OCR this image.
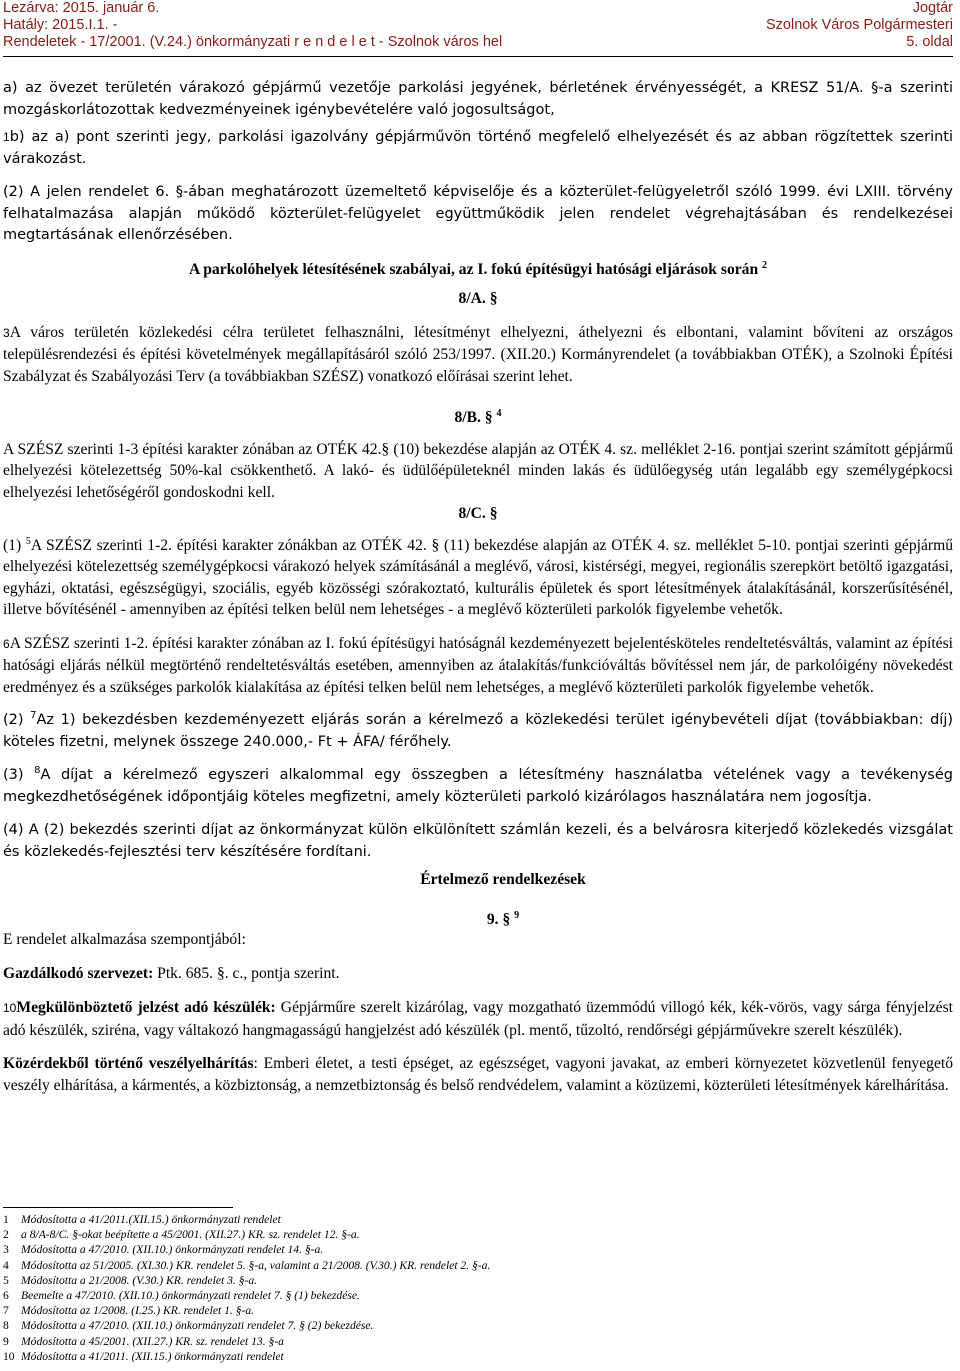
Lezárva: 2015. január 6.
Hatály: 2015.I.1. -
Rendeletek - 17/2001. (V.24.) önkormányzati r e n d e l e t - Szolnok város hel
Jogtár
Szolnok Város Polgármesteri
5. oldal

a) az övezet területén várakozó gépjármű vezetője parkolási jegyének, bérletének érvényességét, a KRESZ 51/A. §-a szerinti mozgáskorlátozottak kedvezményeinek igénybevételére való jogosultságot,

1b) az a) pont szerinti jegy, parkolási igazolvány gépjárművön történő megfelelő elhelyezését és az abban rögzítettek szerinti várakozást.

(2) A jelen rendelet 6. §-ában meghatározott üzemeltető képviselője és a közterület-felügyeletről szóló 1999. évi LXIII. törvény felhatalmazása alapján működő közterület-felügyelet együttműködik jelen rendelet végrehajtásában és rendelkezései megtartásának ellenőrzésében.

A parkolóhelyek létesítésének szabályai, az I. fokú építésügyi hatósági eljárások során $^2$

8/A. §

3A város területén közlekedési célra területet felhasználni, létesítményt elhelyezni, áthelyezni és elbontani, valamint bővíteni az országos településrendezési és építési követelmények megállapításáról szóló 253/1997. (XII.20.) Kormányrendelet (a továbbiakban OTÉK), a Szolnoki Építési Szabályzat és Szabályozási Terv (a továbbiakban SZÉSZ) vonatkozó előírásai szerint lehet.

8/B. § $^4$

A SZÉSZ szerinti 1-3 építési karakter zónában az OTÉK 42.§ (10) bekezdése alapján az OTÉK 4. sz. melléklet 2-16. pontjai szerint számított gépjármű elhelyezési kötelezettség 50%-kal csökkenthető. A lakó- és üdülőépületeknél minden lakás és üdülőegység után legalább egy személygépkocsi elhelyezési lehetőségéről gondoskodni kell.

8/C. §

(1) $^5$A SZÉSZ szerinti 1-2. építési karakter zónákban az OTÉK 42. § (11) bekezdése alapján az OTÉK 4. sz. melléklet 5-10. pontjai szerinti gépjármű elhelyezési kötelezettség személygépkocsi várakozó helyek számításánál a meglévő, városi, kistérségi, megyei, regionális szerepkört betöltő igazgatási, egyházi, oktatási, egészségügyi, szociális, egyéb közösségi szórakoztató, kulturális épületek és sport létesítmények átalakításánál, korszerűsítésénél, illetve bővítésénél - amennyiben az építési telken belül nem lehetséges - a meglévő közterületi parkolók figyelembe vehetők.

6A SZÉSZ szerinti 1-2. építési karakter zónában az I. fokú építésügyi hatóságnál kezdeményezett bejelentésköteles rendeltetésváltás, valamint az építési hatósági eljárás nélkül megtörténő rendeltetésváltás esetében, amennyiben az átalakítás/funkcióváltás bővítéssel nem jár, de parkolóigény növekedést eredményez és a szükséges parkolók kialakítása az építési telken belül nem lehetséges, a meglévő közterületi parkolók figyelembe vehetők.

(2) $^7$Az 1) bekezdésben kezdeményezett eljárás során a kérelmező a közlekedési terület igénybevételi díjat (továbbiakban: díj) köteles fizetni, melynek összege 240.000,- Ft + ÁFA/ férőhely.

(3) $^8$A díjat a kérelmező egyszeri alkalommal egy összegben a létesítmény használatba vételének vagy a tevékenység megkezdhetőségének időpontjáig köteles megfizetni, amely közterületi parkoló kizárólagos használatára nem jogosítja.

(4) A (2) bekezdés szerinti díjat az önkormányzat külön elkülönített számlán kezeli, és a belvárosra kiterjedő közlekedés vizsgálat és közlekedés-fejlesztési terv készítésére fordítani.

Értelmező rendelkezések
9. § $^9$

E rendelet alkalmazása szempontjából:

Gazdálkodó szervezet: Ptk. 685. §. c., pontja szerint.

10Megkülönböztető jelzést adó készülék: Gépjárműre szerelt kizárólag, vagy mozgatható üzemmódú villogó kék, kék-vörös, vagy sárga fényjelzést adó készülék, sziréna, vagy váltakozó hangmagasságú hangjelzést adó készülék (pl. mentő, tűzoltó, rendőrségi gépjárművekre szerelt készülék).

Közérdekből történő veszélyelhárítás: Emberi életet, a testi épséget, az egészséget, vagyoni javakat, az emberi környezetet közvetlenül fenyegető veszély elhárítása, a kármentés, a közbiztonság, a nemzetbiztonság és belső rendvédelem, valamint a közüzemi, közterületi létesítmények kárelhárítása.

1 Módosította a 41/2011.(XII.15.) önkormányzati rendelet
2 a 8/A-8/C. §-okat beépítette a 45/2001. (XII.27.) KR. sz. rendelet 12. §-a.
3 Módosította a 47/2010. (XII.10.) önkormányzati rendelet 14. §-a.
4 Módosította az 51/2005. (XI.30.) KR. rendelet 5. §-a, valamint a 21/2008. (V.30.) KR. rendelet 2. §-a.
5 Módosította a 21/2008. (V.30.) KR. rendelet 3. §-a.
6 Beemelte a 47/2010. (XII.10.) önkormányzati rendelet 7. § (1) bekezdése.
7 Módosította az 1/2008. (I.25.) KR. rendelet 1. §-a.
8 Módosította a 47/2010. (XII.10.) önkormányzati rendelet 7. § (2) bekezdése.
9 Módosította a 45/2001. (XII.27.) KR. sz. rendelet 13. §-a
10 Módosította a 41/2011. (XII.15.) önkormányzati rendelet
